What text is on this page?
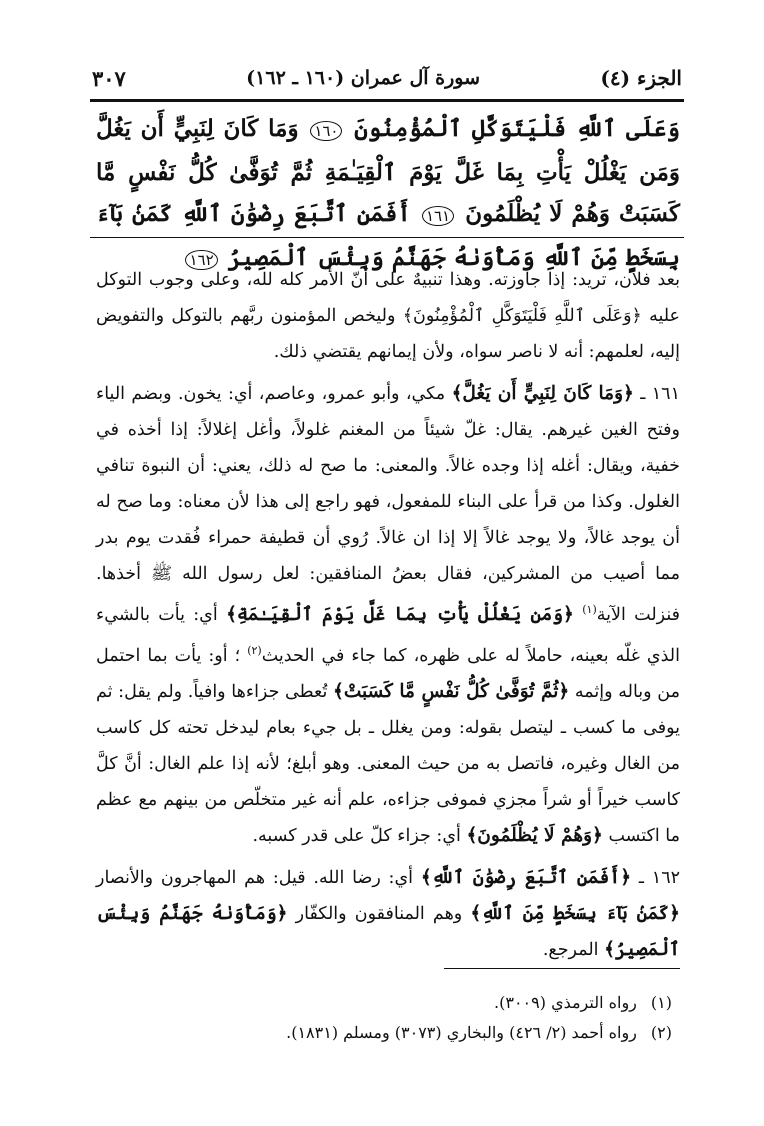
الجزء (٤)
سورة آل عمران (١٦٠ ـ ١٦٢)
٣٠٧
وَعَلَى ٱللَّهِ فَلْيَتَوَكَّلِ ٱلْمُؤْمِنُونَ ١٦٠ وَمَا كَانَ لِنَبِيٍّ أَن يَغُلَّ وَمَن يَغْلُلْ يَأْتِ بِمَا غَلَّ يَوْمَ ٱلْقِيَـٰمَةِ ثُمَّ تُوَفَّىٰ كُلُّ نَفْسٍ مَّا كَسَبَتْ وَهُمْ لَا يُظْلَمُونَ ١٦١ أَفَمَنِ ٱتَّبَعَ رِضْوَٰنَ ٱللَّهِ كَمَنۢ بَآءَ بِسَخَطٍ مِّنَ ٱللَّهِ وَمَأْوَىٰهُ جَهَنَّمُ وَبِئْسَ ٱلْمَصِيرُ ١٦٢

بعد فلان، تريد: إذا جاوزته. وهذا تنبيهٌ على أنّ الأمر كله لله، وعلى وجوب التوكل عليه ﴿وَعَلَى ٱللَّهِ فَلْيَتَوَكَّلِ ٱلْمُؤْمِنُونَ﴾ وليخص المؤمنون ربَّهم بالتوكل والتفويض إليه، لعلمهم: أنه لا ناصر سواه، ولأن إيمانهم يقتضي ذلك.

١٦١ ـ ﴿وَمَا كَانَ لِنَبِيٍّ أَن يَغُلَّ﴾ مكي، وأبو عمرو، وعاصم، أي: يخون. وبضم الياء وفتح الغين غيرهم. يقال: غلّ شيئاً من المغنم غلولاً، وأغل إغلالاً: إذا أخذه في خفية، ويقال: أغله إذا وجده غالاً. والمعنى: ما صح له ذلك، يعني: أن النبوة تنافي الغلول. وكذا من قرأ على البناء للمفعول، فهو راجع إلى هذا لأن معناه: وما صح له أن يوجد غالاً، ولا يوجد غالاً إلا إذا ان غالاً. رُوي أن قطيفة حمراء فُقدت يوم بدر مما أصيب من المشركين، فقال بعضُ المنافقين: لعل رسول الله ﷺ أخذها. فنزلت الآية$^{(١)}$ ﴿وَمَن يَغْلُلْ يَأْتِ بِمَا غَلَّ يَوْمَ ٱلْقِيَـٰمَةِ﴾ أي: يأت بالشيء الذي غلّه بعينه، حاملاً له على ظهره، كما جاء في الحديث$^{(٢)}$ ؛ أو: يأت بما احتمل من وباله وإثمه ﴿ثُمَّ تُوَفَّىٰ كُلُّ نَفْسٍ مَّا كَسَبَتْ﴾ تُعطى جزاءها وافياً. ولم يقل: ثم يوفى ما كسب ـ ليتصل بقوله: ومن يغلل ـ بل جيء بعام ليدخل تحته كل كاسب من الغال وغيره، فاتصل به من حيث المعنى. وهو أبلغ؛ لأنه إذا علم الغال: أنَّ كلَّ كاسب خيراً أو شراً مجزي فموفى جزاءه، علم أنه غير متخلّص من بينهم مع عظم ما اكتسب ﴿وَهُمْ لَا يُظْلَمُونَ﴾ أي: جزاء كلّ على قدر كسبه.

١٦٢ ـ ﴿أَفَمَنِ ٱتَّبَعَ رِضْوَٰنَ ٱللَّهِ﴾ أي: رضا الله. قيل: هم المهاجرون والأنصار ﴿كَمَنۢ بَآءَ بِسَخَطٍ مِّنَ ٱللَّهِ﴾ وهم المنافقون والكفّار ﴿وَمَأْوَىٰهُ جَهَنَّمُ وَبِئْسَ ٱلْمَصِيرُ﴾ المرجع.

(١)
رواه الترمذي (٣٠٠٩).
(٢)
رواه أحمد (٢/ ٤٢٦) والبخاري (٣٠٧٣) ومسلم (١٨٣١).
